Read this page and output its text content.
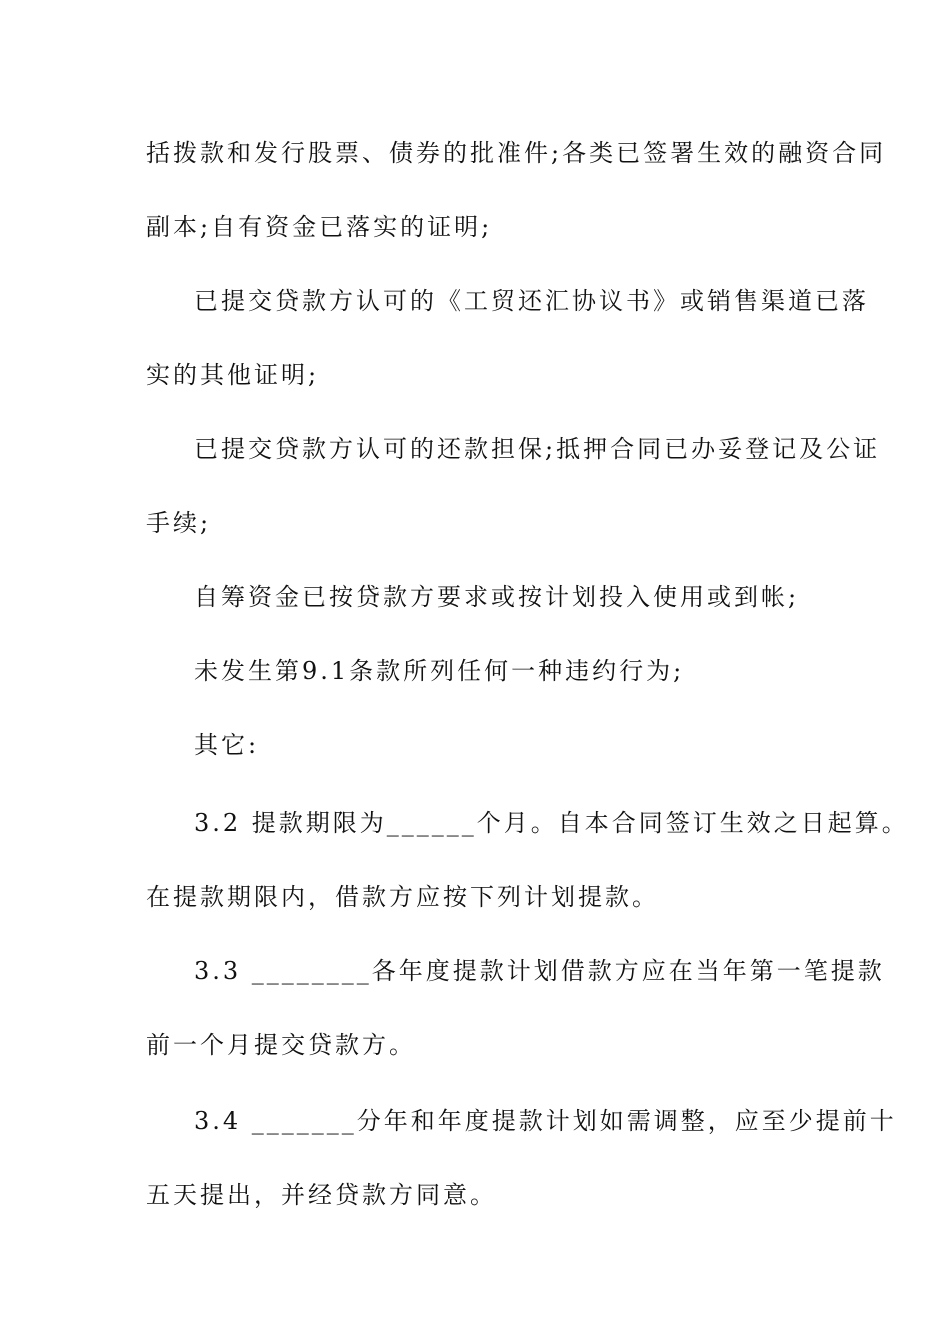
括拨款和发行股票、债券的批准件;各类已签署生效的融资合同
副本;自有资金已落实的证明;
已提交贷款方认可的《工贸还汇协议书》或销售渠道已落
实的其他证明;
已提交贷款方认可的还款担保;抵押合同已办妥登记及公证
手续;
自筹资金已按贷款方要求或按计划投入使用或到帐;
未发生第9.1条款所列任何一种违约行为;
其它:
3.2 提款期限为______个月。自本合同签订生效之日起算。
在提款期限内，借款方应按下列计划提款。
3.3 ________各年度提款计划借款方应在当年第一笔提款
前一个月提交贷款方。
3.4 _______分年和年度提款计划如需调整，应至少提前十
五天提出，并经贷款方同意。
